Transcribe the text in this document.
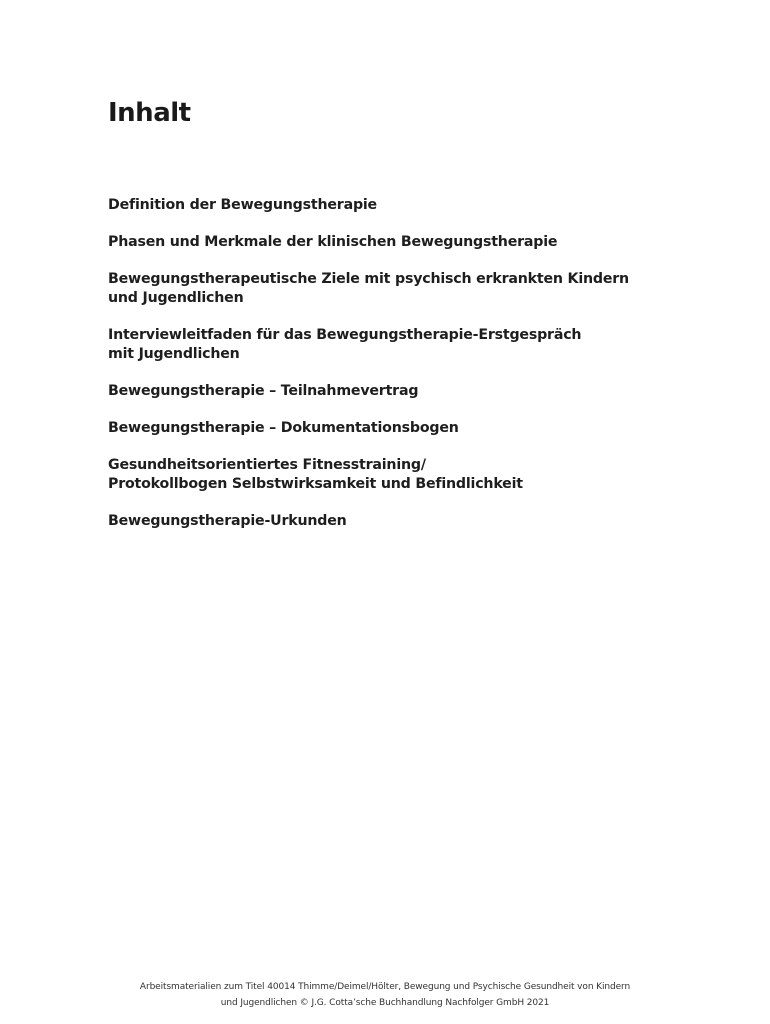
Inhalt
Definition der Bewegungstherapie
Phasen und Merkmale der klinischen Bewegungstherapie
Bewegungstherapeutische Ziele mit psychisch erkrankten Kindern
und Jugendlichen
Interviewleitfaden für das Bewegungstherapie-Erstgespräch
mit Jugendlichen
Bewegungstherapie – Teilnahmevertrag
Bewegungstherapie – Dokumentationsbogen
Gesundheitsorientiertes Fitnesstraining/
Protokollbogen Selbstwirksamkeit und Befindlichkeit
Bewegungstherapie-Urkunden
Arbeitsmaterialien zum Titel 40014 Thimme/Deimel/Hölter, Bewegung und Psychische Gesundheit von Kindern
und Jugendlichen © J.G. Cotta’sche Buchhandlung Nachfolger GmbH 2021
